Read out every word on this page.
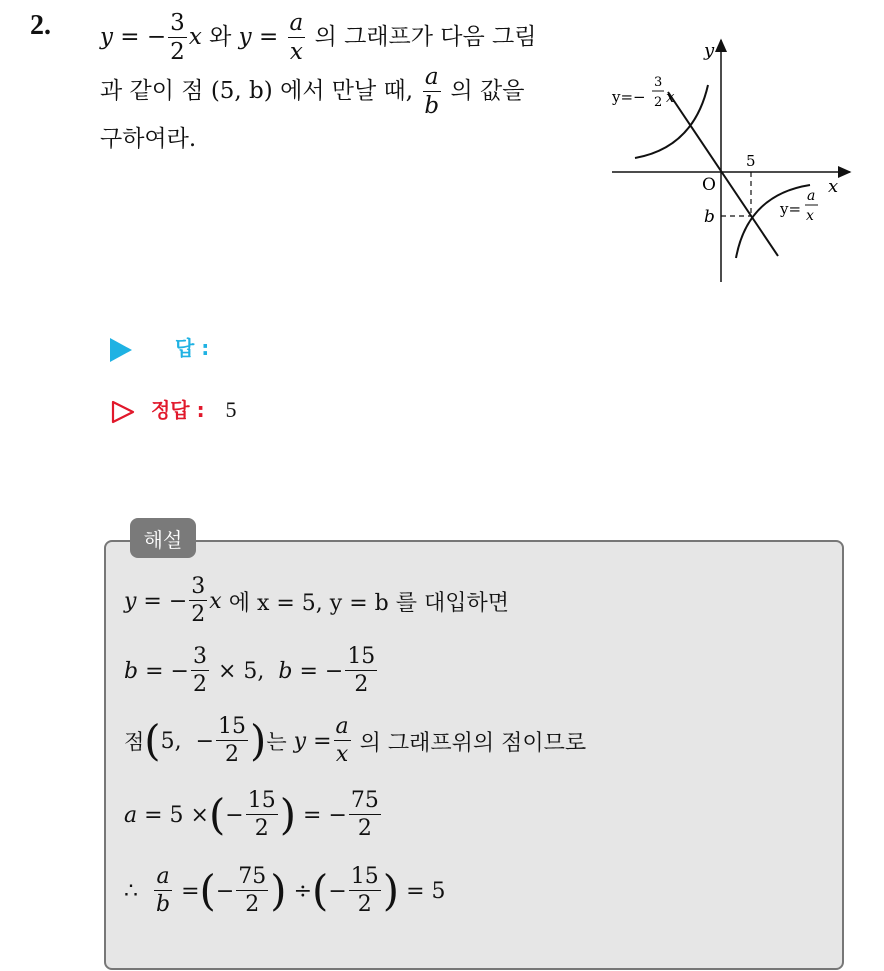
2. y = − $\frac{3}{2}$ x 와 $y = \frac{a}{x}$ 의 그래프가 다음 그림
과 같이 점 (5, b) 에서 만날 때, $\frac{a}{b}$ 의 값을
구하여라.
y
x
O
5
b
y=−
3
2 x
y=
a
x
답 :
정답 : 5
해설
y = − $\frac{3}{2}$ x
에 x = 5, y = b 를 대입하면
b = − $\frac{3}{2} \times 5$, b = − $\frac{15}{2}$
점 ( 5,  − $\frac{15}{2}$ ) 는
$y = \frac{a}{x}$
의 그래프위의 점이므로
a = 5 × ( − $\frac{15}{2}$ ) = − $\frac{75}{2}$
∴
$\frac{a}{b}$ = ( − $\frac{75}{2}$ ) ÷ ( − $\frac{15}{2}$ )
= 5
